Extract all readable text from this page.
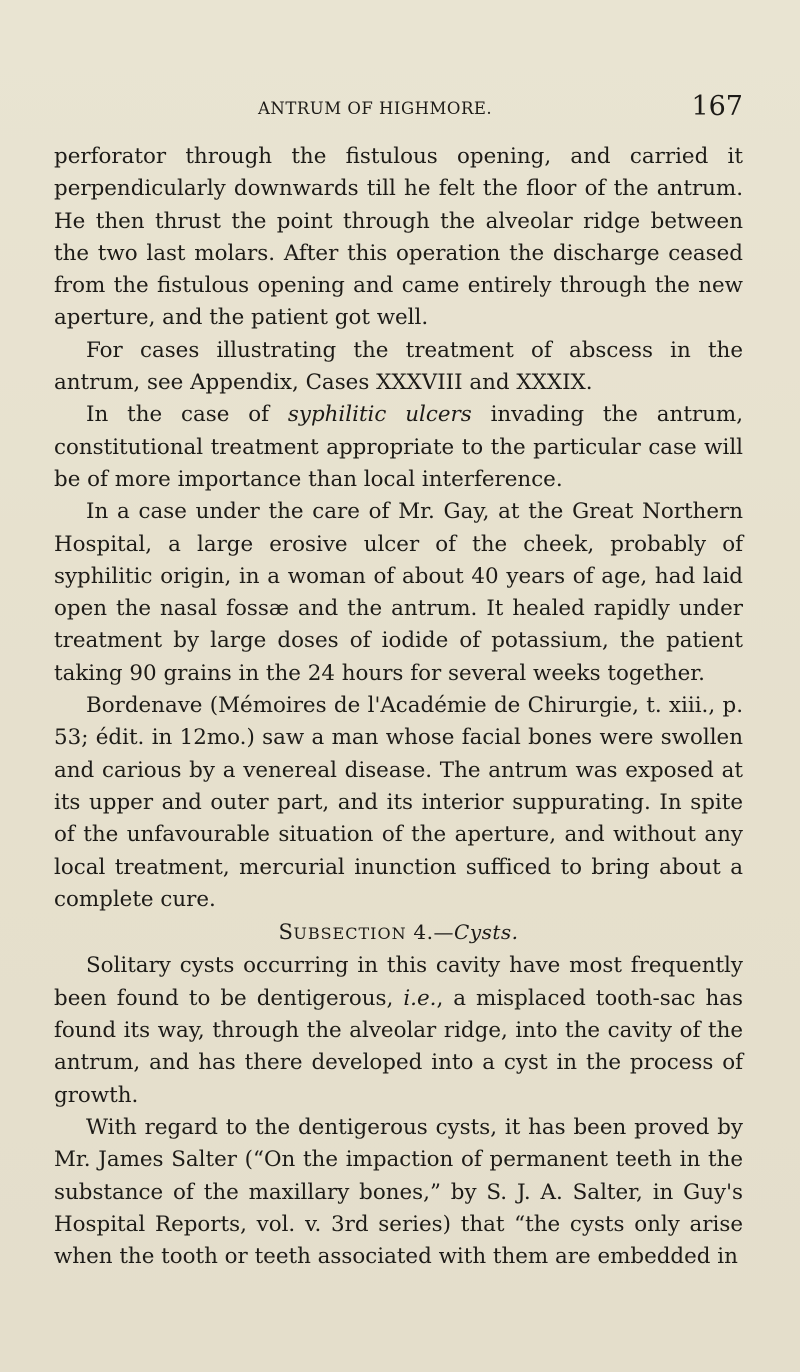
ANTRUM OF HIGHMORE.	167

perforator through the fistulous opening, and carried it perpendicularly downwards till he felt the floor of the antrum. He then thrust the point through the alveolar ridge between the two last molars. After this operation the discharge ceased from the fistulous opening and came entirely through the new aperture, and the patient got well.

For cases illustrating the treatment of abscess in the antrum, see Appendix, Cases XXXVIII and XXXIX.

In the case of syphilitic ulcers invading the antrum, constitutional treatment appropriate to the particular case will be of more importance than local interference.

In a case under the care of Mr. Gay, at the Great Northern Hospital, a large erosive ulcer of the cheek, probably of syphilitic origin, in a woman of about 40 years of age, had laid open the nasal fossæ and the antrum. It healed rapidly under treatment by large doses of iodide of potassium, the patient taking 90 grains in the 24 hours for several weeks together.

Bordenave (Mémoires de l'Académie de Chirurgie, t. xiii., p. 53; édit. in 12mo.) saw a man whose facial bones were swollen and carious by a venereal disease. The antrum was exposed at its upper and outer part, and its interior suppurating. In spite of the unfavourable situation of the aperture, and without any local treatment, mercurial inunction sufficed to bring about a complete cure.

SUBSECTION 4.—Cysts.

Solitary cysts occurring in this cavity have most frequently been found to be dentigerous, i.e., a misplaced tooth-sac has found its way, through the alveolar ridge, into the cavity of the antrum, and has there developed into a cyst in the process of growth.

With regard to the dentigerous cysts, it has been proved by Mr. James Salter (“On the impaction of permanent teeth in the substance of the maxillary bones,” by S. J. A. Salter, in Guy's Hospital Reports, vol. v. 3rd series) that “the cysts only arise when the tooth or teeth associated with them are embedded in
